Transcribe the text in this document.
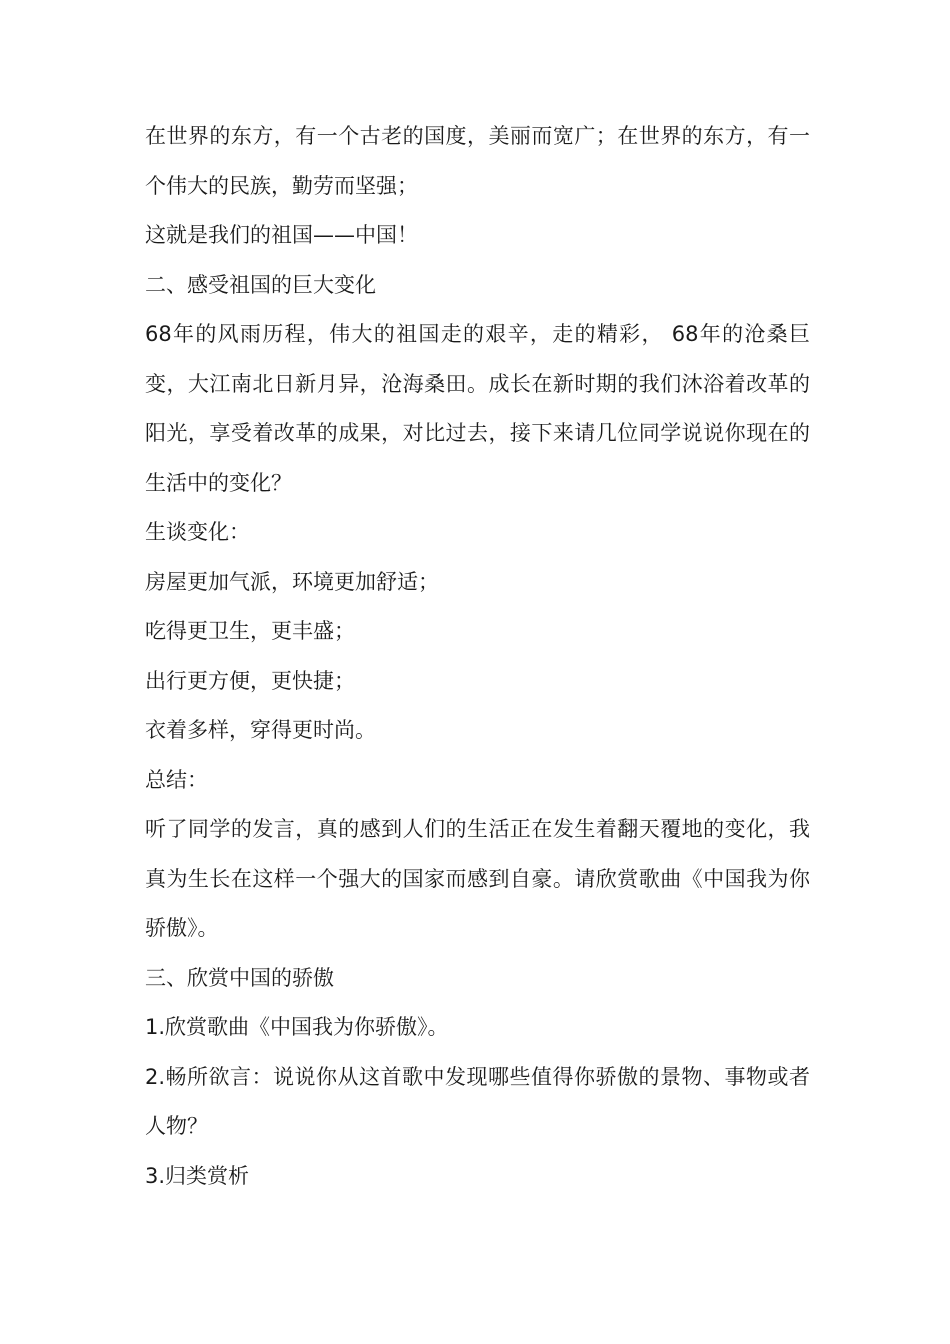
在世界的东方，有一个古老的国度，美丽而宽广；在世界的东方，有一个伟大的民族，勤劳而坚强；

这就是我们的祖国——中国！

二、感受祖国的巨大变化

68年的风雨历程，伟大的祖国走的艰辛，走的精彩， 68年的沧桑巨变，大江南北日新月异，沧海桑田。成长在新时期的我们沐浴着改革的阳光，享受着改革的成果，对比过去，接下来请几位同学说说你现在的生活中的变化？

生谈变化：

房屋更加气派，环境更加舒适；

吃得更卫生，更丰盛；

出行更方便，更快捷；

衣着多样，穿得更时尚。

总结：

听了同学的发言，真的感到人们的生活正在发生着翻天覆地的变化，我真为生长在这样一个强大的国家而感到自豪。请欣赏歌曲《中国我为你骄傲》。

三、欣赏中国的骄傲

1.欣赏歌曲《中国我为你骄傲》。

2.畅所欲言：说说你从这首歌中发现哪些值得你骄傲的景物、事物或者人物？

3.归类赏析
